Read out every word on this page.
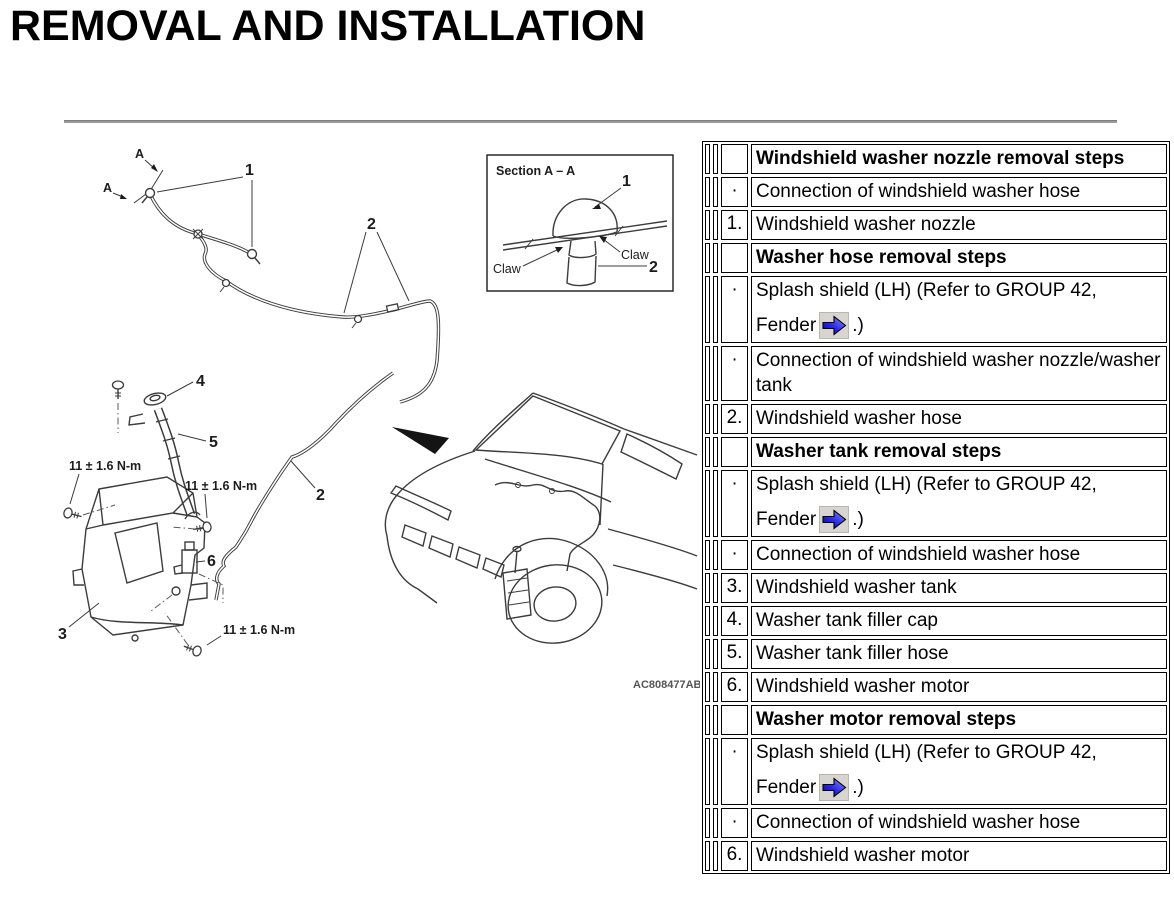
REMOVAL AND INSTALLATION
A
A
1
2
2
4
5
3
6
11 ± 1.6 N-m
11 ± 1.6 N-m
11 ± 1.6 N-m
Section A – A
1
Claw
Claw
2
AC808477AB
Windshield washer nozzle removal steps
· Connection of windshield washer hose
1. Windshield washer nozzle
Washer hose removal steps
· Splash shield (LH) (Refer to GROUP 42,
Fender .)
· Connection of windshield washer nozzle/washer tank
2. Windshield washer hose
Washer tank removal steps
· Splash shield (LH) (Refer to GROUP 42,
Fender .)
· Connection of windshield washer hose
3. Windshield washer tank
4. Washer tank filler cap
5. Washer tank filler hose
6. Windshield washer motor
Washer motor removal steps
· Splash shield (LH) (Refer to GROUP 42,
Fender .)
· Connection of windshield washer hose
6. Windshield washer motor
